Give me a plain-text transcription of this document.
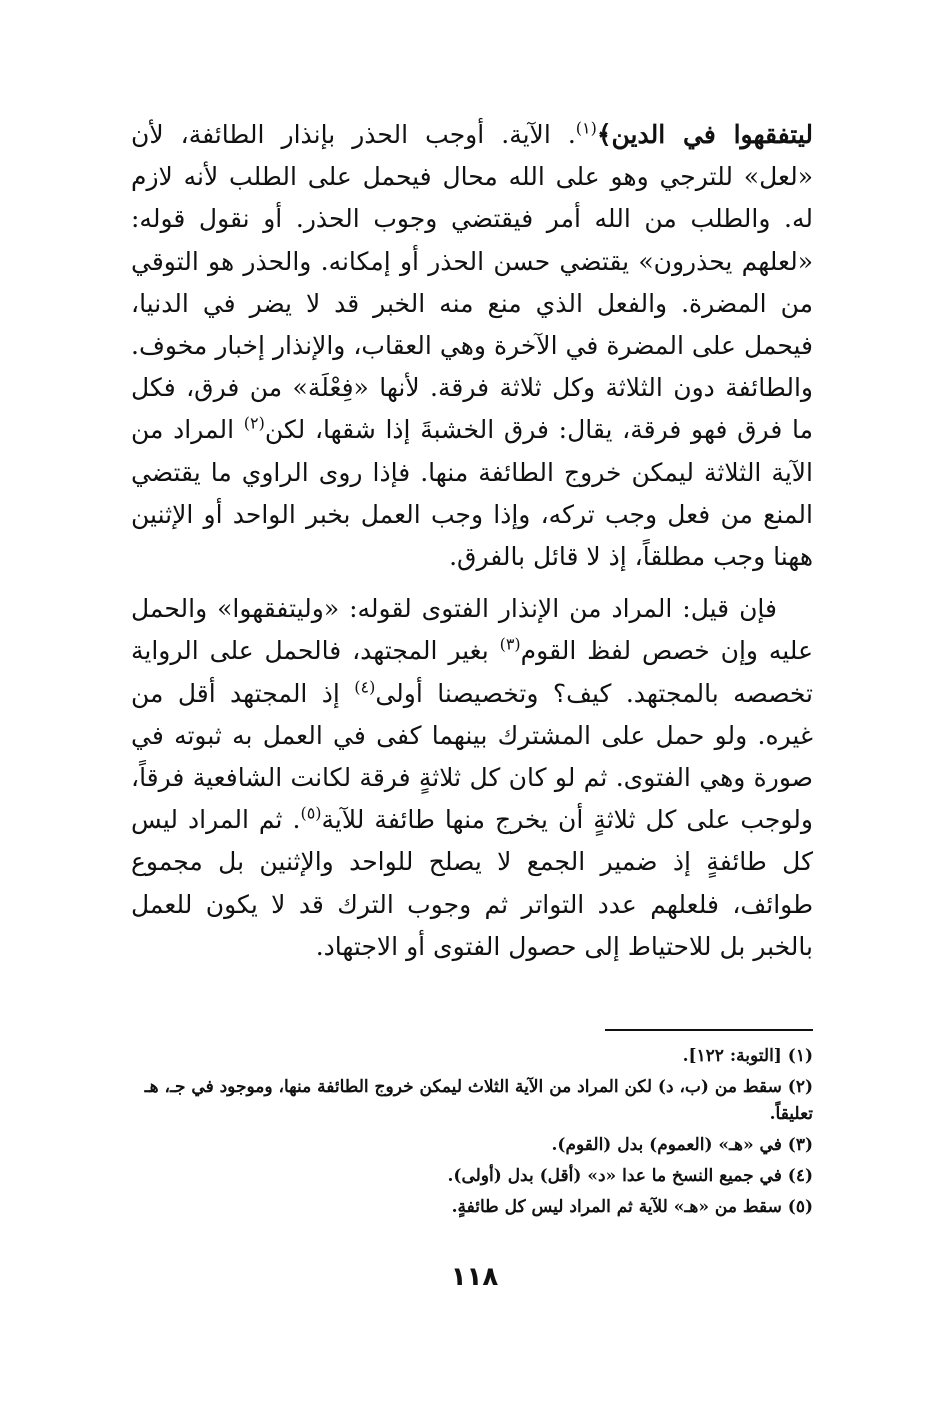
ليتفقهوا في الدين﴾$^{(١)}$. الآية. أوجب الحذر بإنذار الطائفة، لأن «لعل» للترجي وهو على الله محال فيحمل على الطلب لأنه لازم له. والطلب من الله أمر فيقتضي وجوب الحذر. أو نقول قوله: «لعلهم يحذرون» يقتضي حسن الحذر أو إمكانه. والحذر هو التوقي من المضرة. والفعل الذي منع منه الخبر قد لا يضر في الدنيا، فيحمل على المضرة في الآخرة وهي العقاب، والإنذار إخبار مخوف. والطائفة دون الثلاثة وكل ثلاثة فرقة. لأنها «فِعْلَة» من فرق، فكل ما فرق فهو فرقة، يقال: فرق الخشبةَ إذا شقها، لكن$^{(٢)}$ المراد من الآية الثلاثة ليمكن خروج الطائفة منها. فإذا روى الراوي ما يقتضي المنع من فعل وجب تركه، وإذا وجب العمل بخبر الواحد أو الإثنين ههنا وجب مطلقاً، إذ لا قائل بالفرق.

فإن قيل: المراد من الإنذار الفتوى لقوله: «وليتفقهوا» والحمل عليه وإن خصص لفظ القوم$^{(٣)}$ بغير المجتهد، فالحمل على الرواية تخصصه بالمجتهد. كيف؟ وتخصيصنا أولى$^{(٤)}$ إذ المجتهد أقل من غيره. ولو حمل على المشترك بينهما كفى في العمل به ثبوته في صورة وهي الفتوى. ثم لو كان كل ثلاثةٍ فرقة لكانت الشافعية فرقاً، ولوجب على كل ثلاثةٍ أن يخرج منها طائفة للآية$^{(٥)}$. ثم المراد ليس كل طائفةٍ إذ ضمير الجمع لا يصلح للواحد والإثنين بل مجموع طوائف، فلعلهم عدد التواتر ثم وجوب الترك قد لا يكون للعمل بالخبر بل للاحتياط إلى حصول الفتوى أو الاجتهاد.

(١) [التوبة: ١٢٢].

(٢) سقط من (ب، د) لكن المراد من الآية الثلاث ليمكن خروج الطائفة منها، وموجود في جـ، هـ تعليقاً.

(٣) في «هـ» (العموم) بدل (القوم).

(٤) في جميع النسخ ما عدا «د» (أقل) بدل (أولى).

(٥) سقط من «هـ» للآية ثم المراد ليس كل طائفةٍ.

١١٨
